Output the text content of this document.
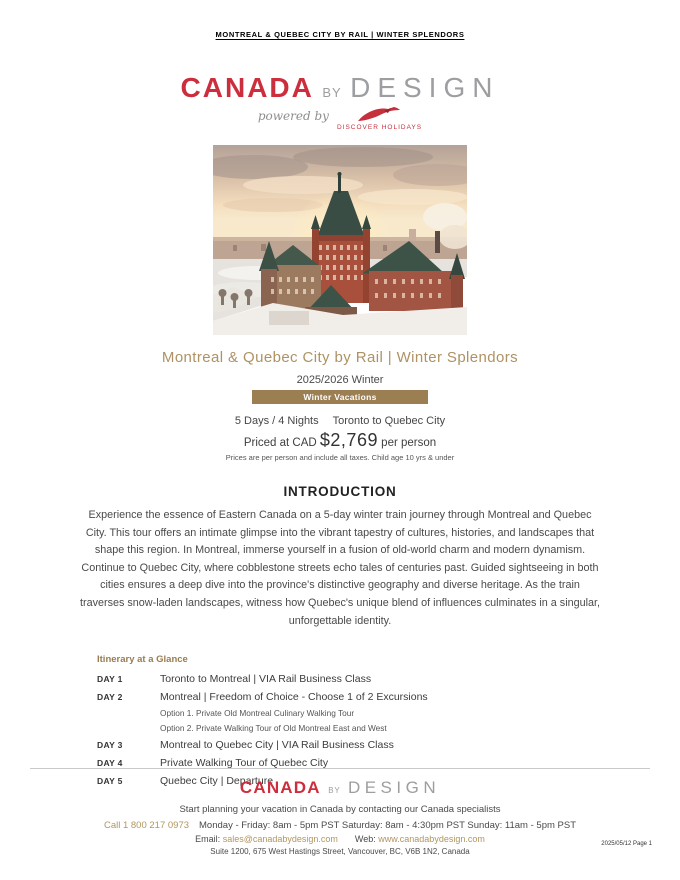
MONTREAL & QUEBEC CITY BY RAIL | WINTER SPLENDORS
CANADA BY DESIGN
powered by
DISCOVER HOLIDAYS
Montreal & Quebec City by Rail | Winter Splendors
2025/2026 Winter
Winter Vacations
5 Days / 4 Nights Toronto to Quebec City
Priced at CAD $2,769 per person
Prices are per person and include all taxes. Child age 10 yrs & under
INTRODUCTION
Experience the essence of Eastern Canada on a 5-day winter train journey through Montreal and Quebec City. This tour offers an intimate glimpse into the vibrant tapestry of cultures, histories, and landscapes that shape this region. In Montreal, immerse yourself in a fusion of old-world charm and modern dynamism. Continue to Quebec City, where cobblestone streets echo tales of centuries past. Guided sightseeing in both cities ensures a deep dive into the province's distinctive geography and diverse heritage. As the train traverses snow-laden landscapes, witness how Quebec's unique blend of influences culminates in a singular, unforgettable identity.
Itinerary at a Glance
DAY 1	Toronto to Montreal | VIA Rail Business Class
DAY 2	Montreal | Freedom of Choice - Choose 1 of 2 Excursions
Option 1. Private Old Montreal Culinary Walking Tour
Option 2. Private Walking Tour of Old Montreal East and West
DAY 3	Montreal to Quebec City | VIA Rail Business Class
DAY 4	Private Walking Tour of Quebec City
DAY 5	Quebec City | Departure
CANADA BY DESIGN
Start planning your vacation in Canada by contacting our Canada specialists
Call 1 800 217 0973 Monday - Friday: 8am - 5pm PST Saturday: 8am - 4:30pm PST Sunday: 11am - 5pm PST
Email: sales@canadabydesign.com Web: www.canadabydesign.com
Suite 1200, 675 West Hastings Street, Vancouver, BC, V6B 1N2, Canada
2025/05/12 Page 1
